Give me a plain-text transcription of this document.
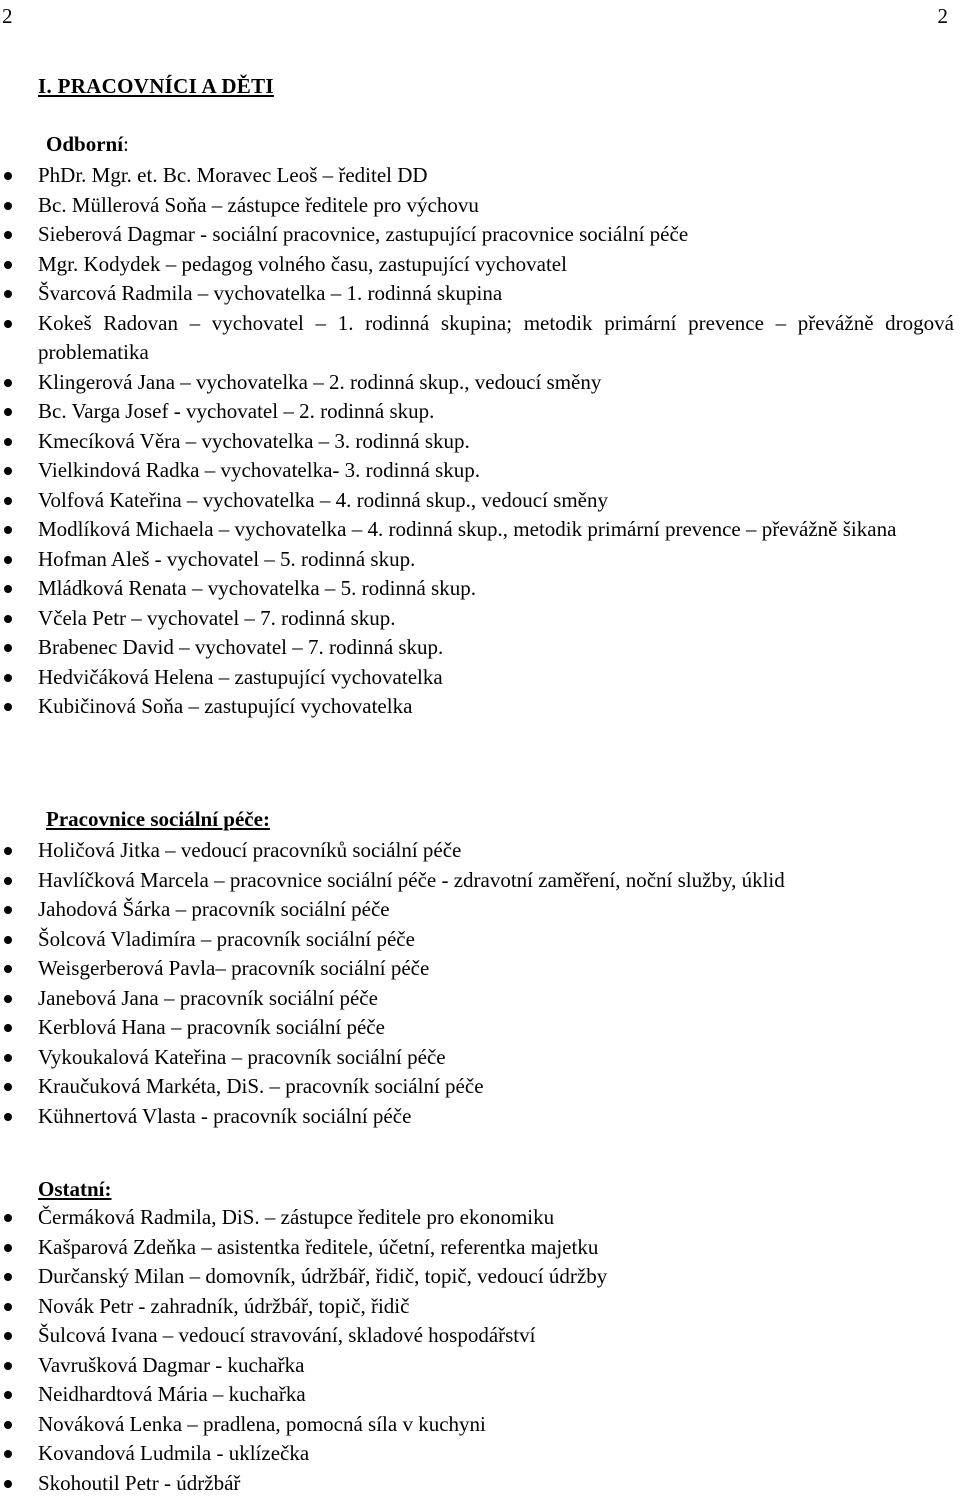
2	2
I. PRACOVNÍCI A DĚTI
Odborní:
PhDr. Mgr. et. Bc. Moravec Leoš – ředitel DD
Bc. Müllerová Soňa – zástupce ředitele pro výchovu
Sieberová Dagmar - sociální pracovnice, zastupující pracovnice sociální péče
Mgr. Kodydek – pedagog volného času, zastupující vychovatel
Švarcová Radmila – vychovatelka – 1. rodinná skupina
Kokeš Radovan – vychovatel – 1. rodinná skupina; metodik primární prevence – převážně drogová problematika
Klingerová Jana – vychovatelka – 2. rodinná skup., vedoucí směny
Bc. Varga Josef - vychovatel – 2. rodinná skup.
Kmecíková Věra – vychovatelka – 3. rodinná skup.
Vielkindová Radka – vychovatelka- 3. rodinná skup.
Volfová Kateřina – vychovatelka – 4. rodinná skup., vedoucí směny
Modlíková Michaela – vychovatelka – 4. rodinná skup., metodik primární prevence – převážně šikana
Hofman Aleš - vychovatel – 5. rodinná skup.
Mládková Renata – vychovatelka – 5. rodinná skup.
Včela Petr – vychovatel – 7. rodinná skup.
Brabenec David – vychovatel – 7. rodinná skup.
Hedvičáková Helena – zastupující vychovatelka
Kubičinová Soňa – zastupující vychovatelka
Pracovnice sociální péče:
Holičová Jitka – vedoucí pracovníků sociální péče
Havlíčková Marcela – pracovnice sociální péče - zdravotní zaměření, noční služby, úklid
Jahodová Šárka – pracovník sociální péče
Šolcová Vladimíra – pracovník sociální péče
Weisgerberová Pavla– pracovník sociální péče
Janebová Jana – pracovník sociální péče
Kerblová Hana – pracovník sociální péče
Vykoukalová Kateřina – pracovník sociální péče
Kraučuková Markéta, DiS. – pracovník sociální péče
Kühnertová Vlasta - pracovník sociální péče
Ostatní:
Čermáková Radmila, DiS. – zástupce ředitele pro ekonomiku
Kašparová Zdeňka – asistentka ředitele, účetní, referentka majetku
Durčanský Milan – domovník, údržbář, řidič, topič, vedoucí údržby
Novák Petr - zahradník, údržbář, topič, řidič
Šulcová Ivana – vedoucí stravování, skladové hospodářství
Vavrušková Dagmar - kuchařka
Neidhardtová Mária – kuchařka
Nováková Lenka – pradlena, pomocná síla v kuchyni
Kovandová Ludmila - uklízečka
Skohoutil Petr - údržbář
